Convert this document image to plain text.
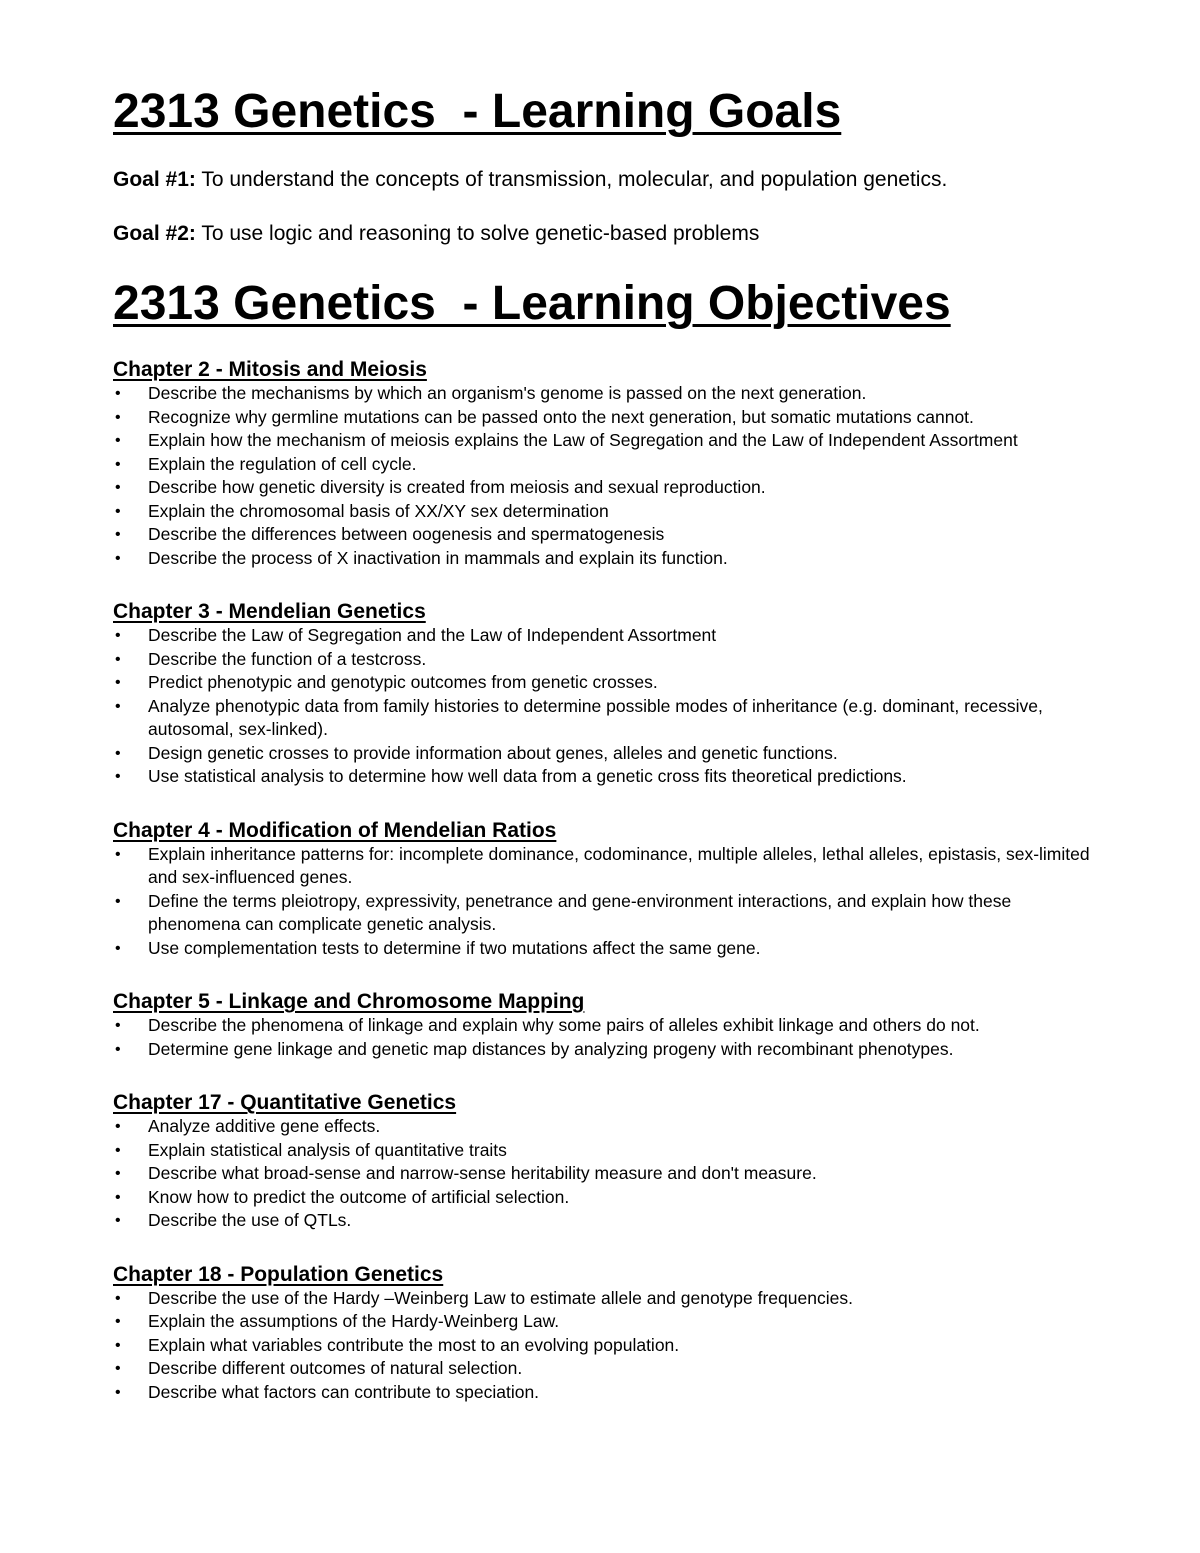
2313 Genetics  - Learning Goals

Goal #1: To understand the concepts of transmission, molecular, and population genetics.

Goal #2: To use logic and reasoning to solve genetic-based problems

2313 Genetics  - Learning Objectives
Chapter 2 - Mitosis and Meiosis
• Describe the mechanisms by which an organism's genome is passed on the next generation.
• Recognize why germline mutations can be passed onto the next generation, but somatic mutations cannot.
• Explain how the mechanism of meiosis explains the Law of Segregation and the Law of Independent Assortment
• Explain the regulation of cell cycle.
• Describe how genetic diversity is created from meiosis and sexual reproduction.
• Explain the chromosomal basis of XX/XY sex determination
• Describe the differences between oogenesis and spermatogenesis
• Describe the process of X inactivation in mammals and explain its function.
Chapter 3 - Mendelian Genetics
• Describe the Law of Segregation and the Law of Independent Assortment
• Describe the function of a testcross.
• Predict phenotypic and genotypic outcomes from genetic crosses.
• Analyze phenotypic data from family histories to determine possible modes of inheritance (e.g. dominant, recessive, autosomal, sex-linked).
• Design genetic crosses to provide information about genes, alleles and genetic functions.
• Use statistical analysis to determine how well data from a genetic cross fits theoretical predictions.
Chapter 4 - Modification of Mendelian Ratios
• Explain inheritance patterns for: incomplete dominance, codominance, multiple alleles, lethal alleles, epistasis, sex-limited and sex-influenced genes.
• Define the terms pleiotropy, expressivity, penetrance and gene-environment interactions, and explain how these phenomena can complicate genetic analysis.
• Use complementation tests to determine if two mutations affect the same gene.
Chapter 5 - Linkage and Chromosome Mapping
• Describe the phenomena of linkage and explain why some pairs of alleles exhibit linkage and others do not.
• Determine gene linkage and genetic map distances by analyzing progeny with recombinant phenotypes.
Chapter 17 - Quantitative Genetics
• Analyze additive gene effects.
• Explain statistical analysis of quantitative traits
• Describe what broad-sense and narrow-sense heritability measure and don't measure.
• Know how to predict the outcome of artificial selection.
• Describe the use of QTLs.
Chapter 18 - Population Genetics
• Describe the use of the Hardy –Weinberg Law to estimate allele and genotype frequencies.
• Explain the assumptions of the Hardy-Weinberg Law.
• Explain what variables contribute the most to an evolving population.
• Describe different outcomes of natural selection.
• Describe what factors can contribute to speciation.
